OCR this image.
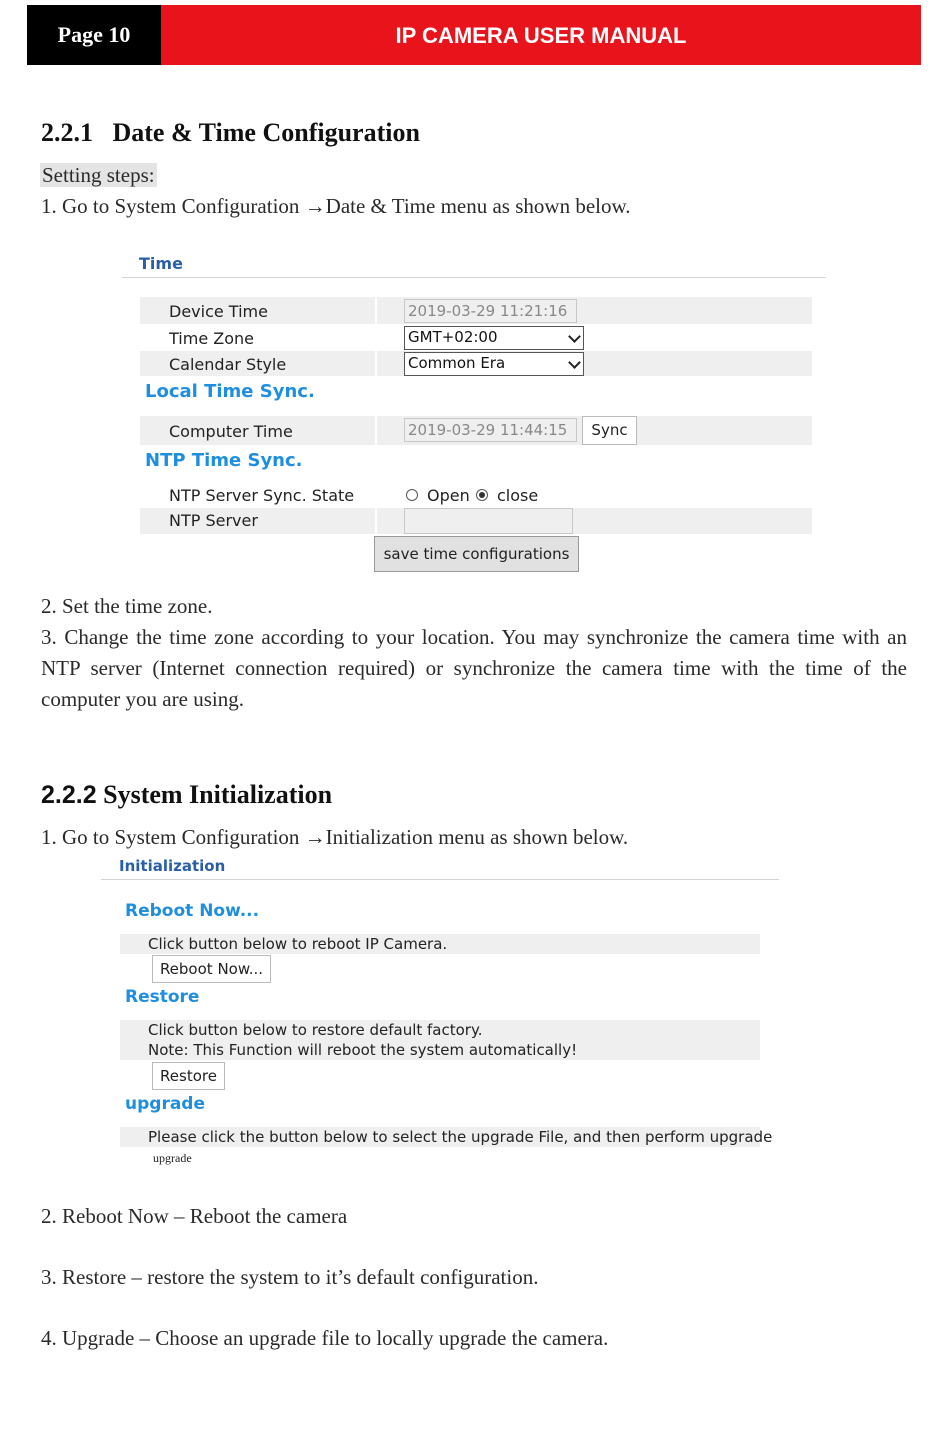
Page 10	IP CAMERA USER MANUAL
2.2.1 Date & Time Configuration
Setting steps:
1. Go to System Configuration →Date & Time menu as shown below.
Time
Device Time	2019-03-29 11:21:16
Time Zone	GMT+02:00
Calendar Style	Common Era
Local Time Sync.
Computer Time	2019-03-29 11:44:15	Sync
NTP Time Sync.
NTP Server Sync. State	Open close
NTP Server
save time configurations
2. Set the time zone.
3. Change the time zone according to your location. You may synchronize the camera time with an NTP server (Internet connection required) or synchronize the camera time with the time of the computer you are using.
2.2.2 System Initialization
1. Go to System Configuration →Initialization menu as shown below.
Initialization
Reboot Now...
Click button below to reboot IP Camera.
Reboot Now...
Restore
Click button below to restore default factory.
Note: This Function will reboot the system automatically!
Restore
upgrade
Please click the button below to select the upgrade File, and then perform upgrade
upgrade
2. Reboot Now – Reboot the camera
3. Restore – restore the system to it’s default configuration.
4. Upgrade – Choose an upgrade file to locally upgrade the camera.
